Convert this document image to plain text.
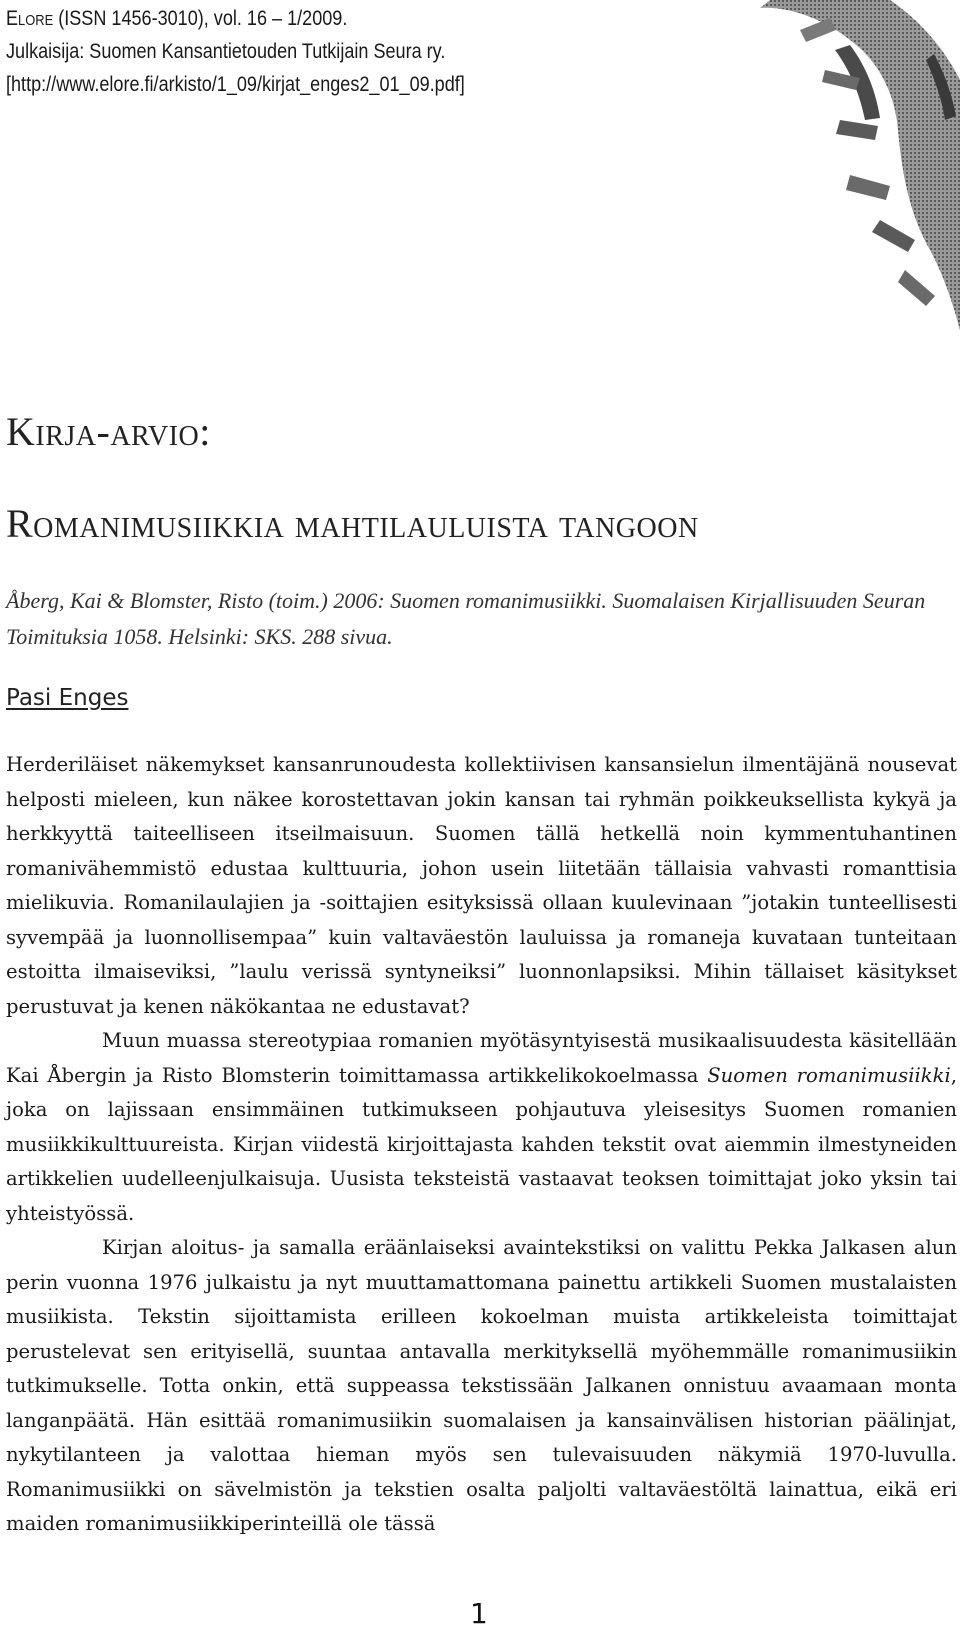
Elore (ISSN 1456-3010), vol. 16 – 1/2009.
Julkaisija: Suomen Kansantietouden Tutkijain Seura ry.
[http://www.elore.fi/arkisto/1_09/kirjat_enges2_01_09.pdf]
Kirja-arvio:
Romanimusiikkia mahtilauluista tangoon
Åberg, Kai & Blomster, Risto (toim.) 2006: Suomen romanimusiikki. Suomalaisen Kirjallisuuden Seuran Toimituksia 1058. Helsinki: SKS. 288 sivua.
Pasi Enges

Herderiläiset näkemykset kansanrunoudesta kollektiivisen kansansielun ilmentäjänä nousevat helposti mieleen, kun näkee korostettavan jokin kansan tai ryhmän poikkeuksellista kykyä ja herkkyyttä taiteelliseen itseilmaisuun. Suomen tällä hetkellä noin kymmentuhantinen romanivähemmistö edustaa kulttuuria, johon usein liitetään tällaisia vahvasti romanttisia mielikuvia. Romanilaulajien ja -soittajien esityksissä ollaan kuulevinaan ”jotakin tunteellisesti syvempää ja luonnollisempaa” kuin valtaväestön lauluissa ja romaneja kuvataan tunteitaan estoitta ilmaiseviksi, ”laulu verissä syntyneiksi” luonnonlapsiksi. Mihin tällaiset käsitykset perustuvat ja kenen näkökantaa ne edustavat?

Muun muassa stereotypiaa romanien myötäsyntyisestä musikaalisuudesta käsitellään Kai Åbergin ja Risto Blomsterin toimittamassa artikkelikokoelmassa Suomen romanimusiikki, joka on lajissaan ensimmäinen tutkimukseen pohjautuva yleisesitys Suomen romanien musiikkikulttuureista. Kirjan viidestä kirjoittajasta kahden tekstit ovat aiemmin ilmestyneiden artikkelien uudelleenjulkaisuja. Uusista teksteistä vastaavat teoksen toimittajat joko yksin tai yhteistyössä.

Kirjan aloitus- ja samalla eräänlaiseksi avaintekstiksi on valittu Pekka Jalkasen alun perin vuonna 1976 julkaistu ja nyt muuttamattomana painettu artikkeli Suomen mustalaisten musiikista. Tekstin sijoittamista erilleen kokoelman muista artikkeleista toimittajat perustelevat sen erityisellä, suuntaa antavalla merkityksellä myöhemmälle romanimusiikin tutkimukselle. Totta onkin, että suppeassa tekstissään Jalkanen onnistuu avaamaan monta langanpäätä. Hän esittää romanimusiikin suomalaisen ja kansainvälisen historian päälinjat, nykytilanteen ja valottaa hieman myös sen tulevaisuuden näkymiä 1970-luvulla. Romanimusiikki on sävelmistön ja tekstien osalta paljolti valtaväestöltä lainattua, eikä eri maiden romanimusiikkiperinteillä ole tässä

1
